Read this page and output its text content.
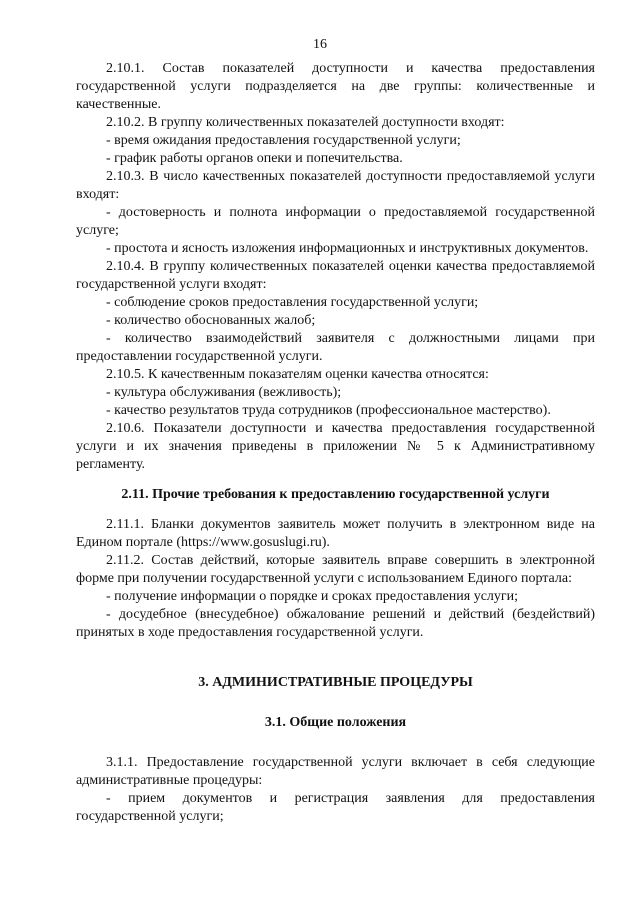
16

2.10.1. Состав показателей доступности и качества предоставления государственной услуги подразделяется на две группы: количественные и качественные.

2.10.2. В группу количественных показателей доступности входят:

- время ожидания предоставления государственной услуги;

- график работы органов опеки и попечительства.

2.10.3. В число качественных показателей доступности предоставляемой услуги входят:

- достоверность и полнота информации о предоставляемой государственной услуге;

- простота и ясность изложения информационных и инструктивных документов.

2.10.4. В группу количественных показателей оценки качества предоставляемой государственной услуги входят:

- соблюдение сроков предоставления государственной услуги;

- количество обоснованных жалоб;

- количество взаимодействий заявителя с должностными лицами при предоставлении государственной услуги.

2.10.5. К качественным показателям оценки качества относятся:

- культура обслуживания (вежливость);

- качество результатов труда сотрудников (профессиональное мастерство).

2.10.6. Показатели доступности и качества предоставления государственной услуги и их значения приведены в приложении № 5 к Административному регламенту.

2.11. Прочие требования к предоставлению государственной услуги

2.11.1. Бланки документов заявитель может получить в электронном виде на Едином портале (https://www.gosuslugi.ru).

2.11.2. Состав действий, которые заявитель вправе совершить в электронной форме при получении государственной услуги с использованием Единого портала:

- получение информации о порядке и сроках предоставления услуги;

- досудебное (внесудебное) обжалование решений и действий (бездействий) принятых в ходе предоставления государственной услуги.

3. АДМИНИСТРАТИВНЫЕ ПРОЦЕДУРЫ

3.1. Общие положения

3.1.1. Предоставление государственной услуги включает в себя следующие административные процедуры:

- прием документов и регистрация заявления для предоставления государственной услуги;
